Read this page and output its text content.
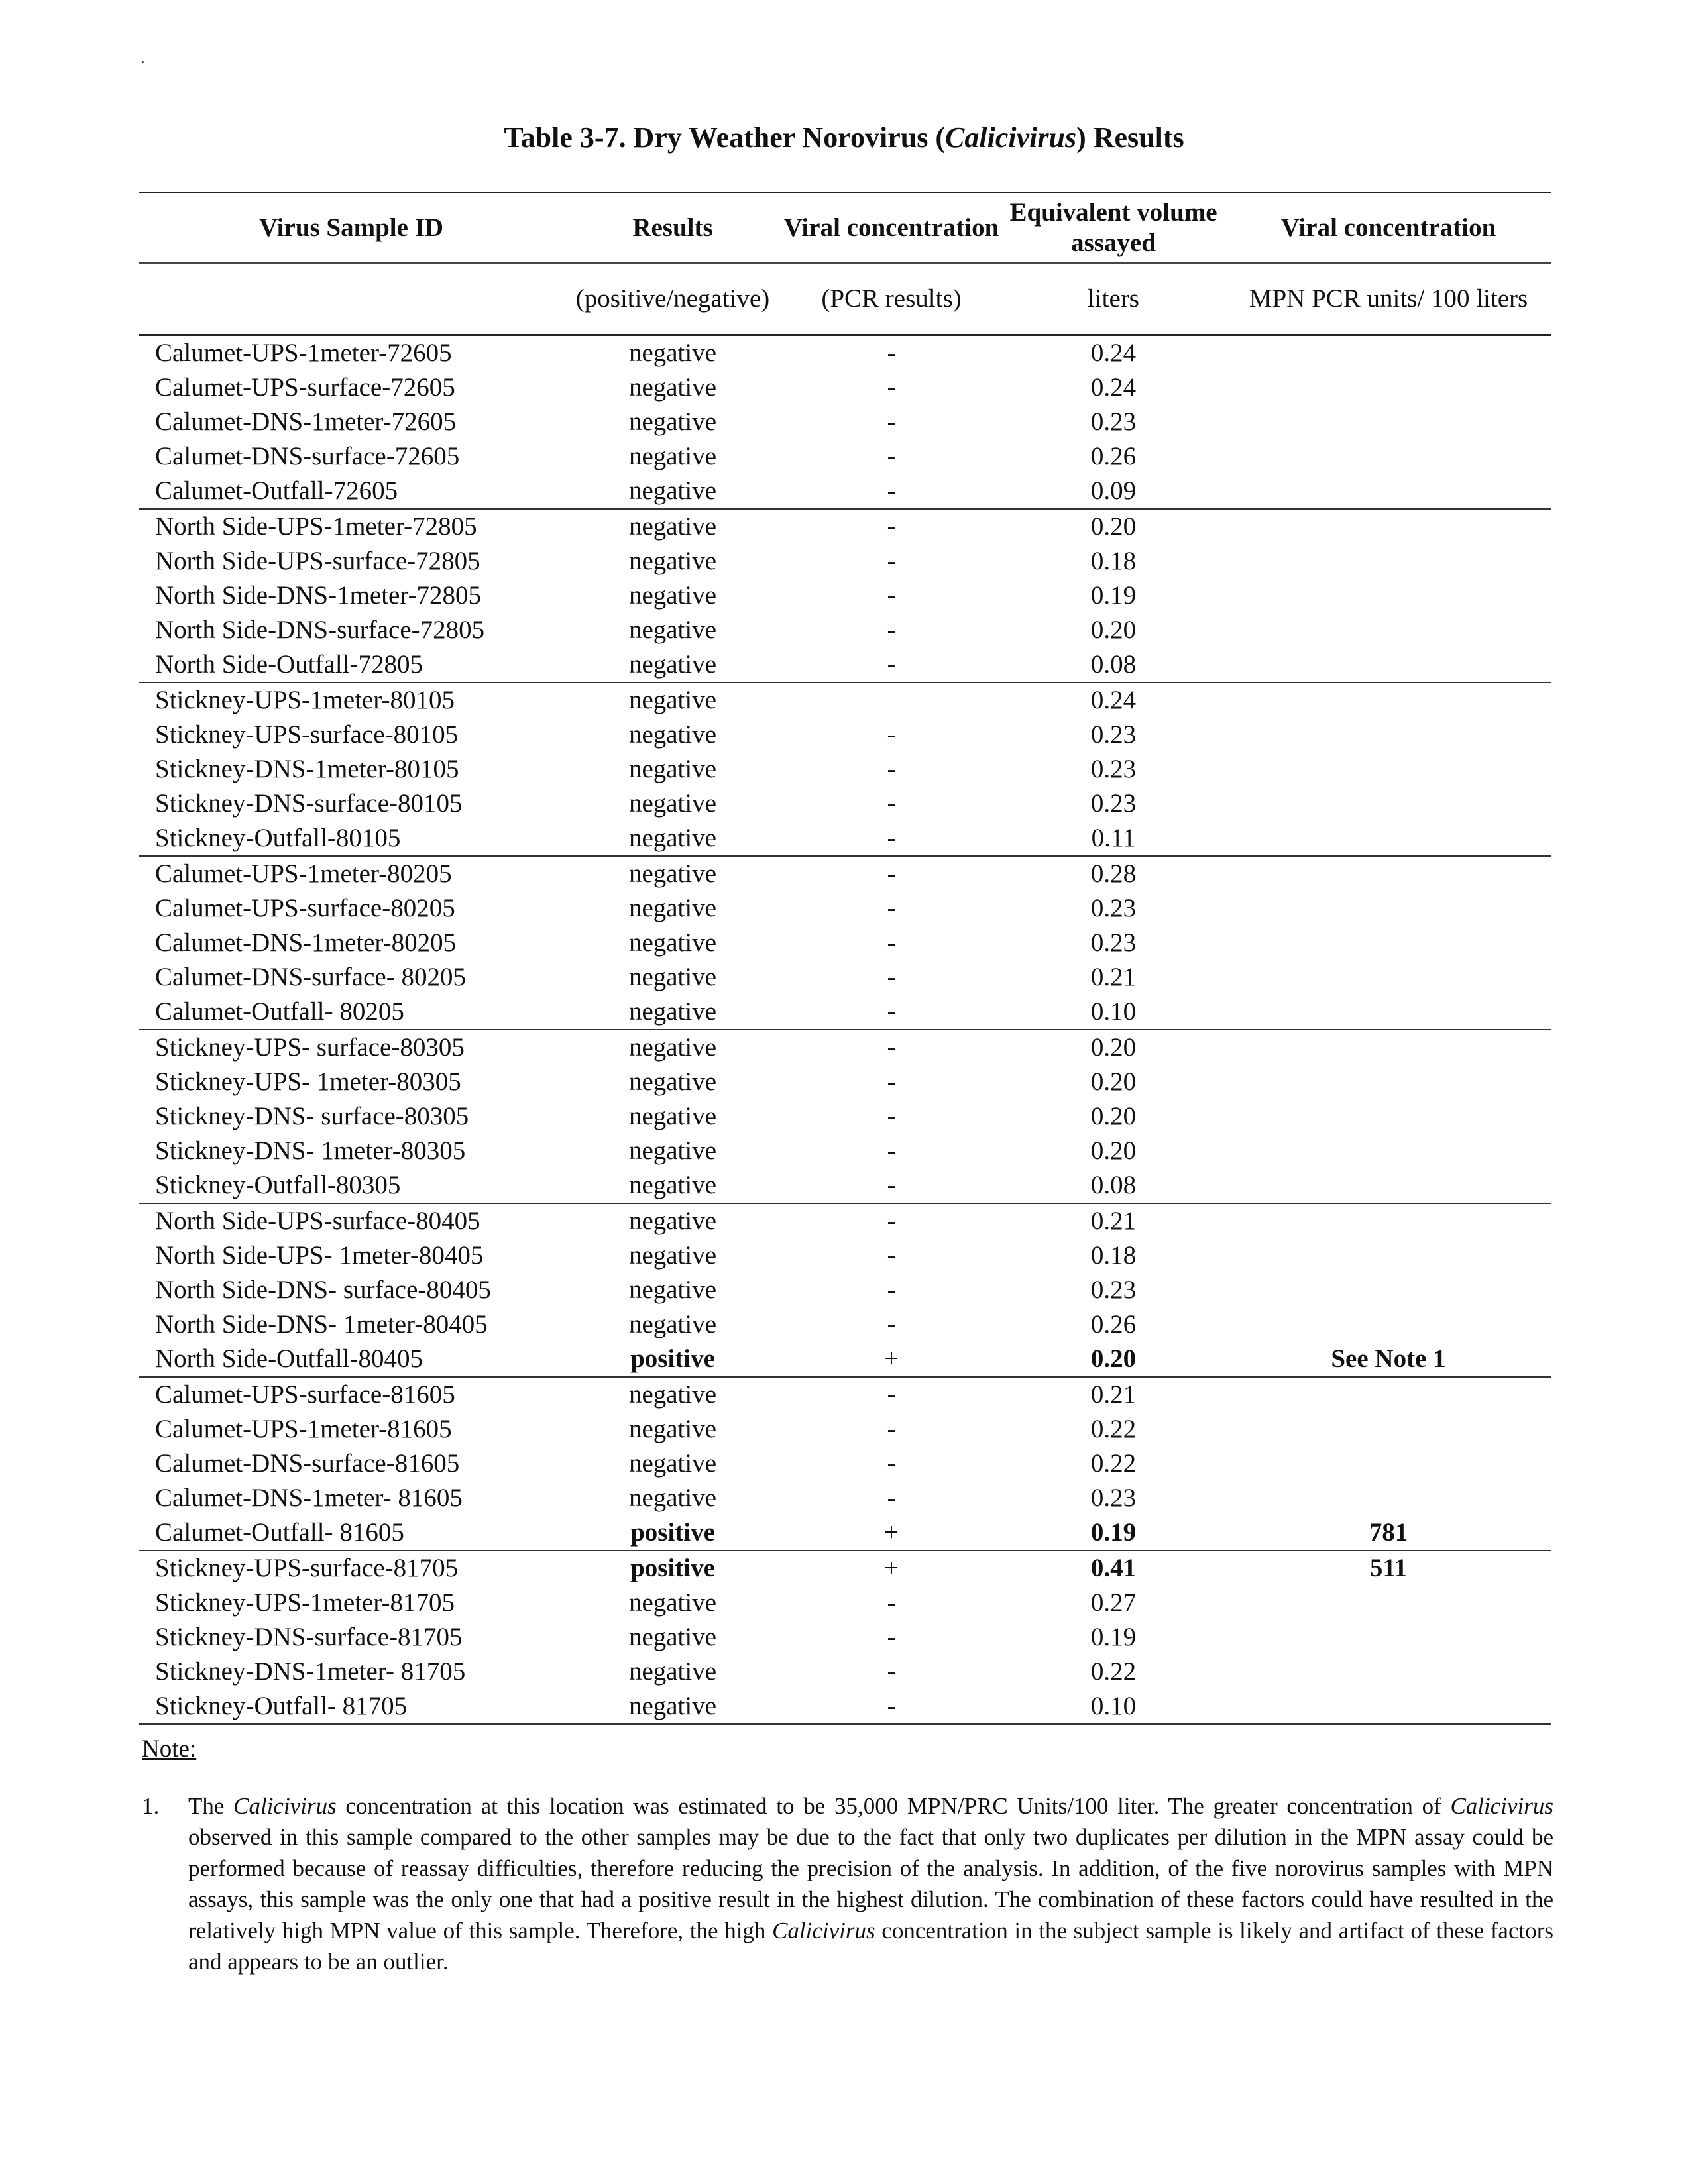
Table 3-7. Dry Weather Norovirus (Calicivirus) Results
Virus Sample ID	Results	Viral concentration	Equivalent volume assayed	Viral concentration
	(positive/negative)	(PCR results)	liters	MPN PCR units/ 100 liters
Calumet-UPS-1meter-72605	negative	-	0.24	
Calumet-UPS-surface-72605	negative	-	0.24	
Calumet-DNS-1meter-72605	negative	-	0.23	
Calumet-DNS-surface-72605	negative	-	0.26	
Calumet-Outfall-72605	negative	-	0.09	
North Side-UPS-1meter-72805	negative	-	0.20	
North Side-UPS-surface-72805	negative	-	0.18	
North Side-DNS-1meter-72805	negative	-	0.19	
North Side-DNS-surface-72805	negative	-	0.20	
North Side-Outfall-72805	negative	-	0.08	
Stickney-UPS-1meter-80105	negative		0.24	
Stickney-UPS-surface-80105	negative	-	0.23	
Stickney-DNS-1meter-80105	negative	-	0.23	
Stickney-DNS-surface-80105	negative	-	0.23	
Stickney-Outfall-80105	negative	-	0.11	
Calumet-UPS-1meter-80205	negative	-	0.28	
Calumet-UPS-surface-80205	negative	-	0.23	
Calumet-DNS-1meter-80205	negative	-	0.23	
Calumet-DNS-surface- 80205	negative	-	0.21	
Calumet-Outfall- 80205	negative	-	0.10	
Stickney-UPS- surface-80305	negative	-	0.20	
Stickney-UPS- 1meter-80305	negative	-	0.20	
Stickney-DNS- surface-80305	negative	-	0.20	
Stickney-DNS- 1meter-80305	negative	-	0.20	
Stickney-Outfall-80305	negative	-	0.08	
North Side-UPS-surface-80405	negative	-	0.21	
North Side-UPS- 1meter-80405	negative	-	0.18	
North Side-DNS- surface-80405	negative	-	0.23	
North Side-DNS- 1meter-80405	negative	-	0.26	
North Side-Outfall-80405	positive	+	0.20	See Note 1
Calumet-UPS-surface-81605	negative	-	0.21	
Calumet-UPS-1meter-81605	negative	-	0.22	
Calumet-DNS-surface-81605	negative	-	0.22	
Calumet-DNS-1meter- 81605	negative	-	0.23	
Calumet-Outfall- 81605	positive	+	0.19	781
Stickney-UPS-surface-81705	positive	+	0.41	511
Stickney-UPS-1meter-81705	negative	-	0.27	
Stickney-DNS-surface-81705	negative	-	0.19	
Stickney-DNS-1meter- 81705	negative	-	0.22	
Stickney-Outfall- 81705	negative	-	0.10	
Note:
1. The Calicivirus concentration at this location was estimated to be 35,000 MPN/PRC Units/100 liter. The greater concentration of Calicivirus observed in this sample compared to the other samples may be due to the fact that only two duplicates per dilution in the MPN assay could be performed because of reassay difficulties, therefore reducing the precision of the analysis. In addition, of the five norovirus samples with MPN assays, this sample was the only one that had a positive result in the highest dilution. The combination of these factors could have resulted in the relatively high MPN value of this sample. Therefore, the high Calicivirus concentration in the subject sample is likely and artifact of these factors and appears to be an outlier.
